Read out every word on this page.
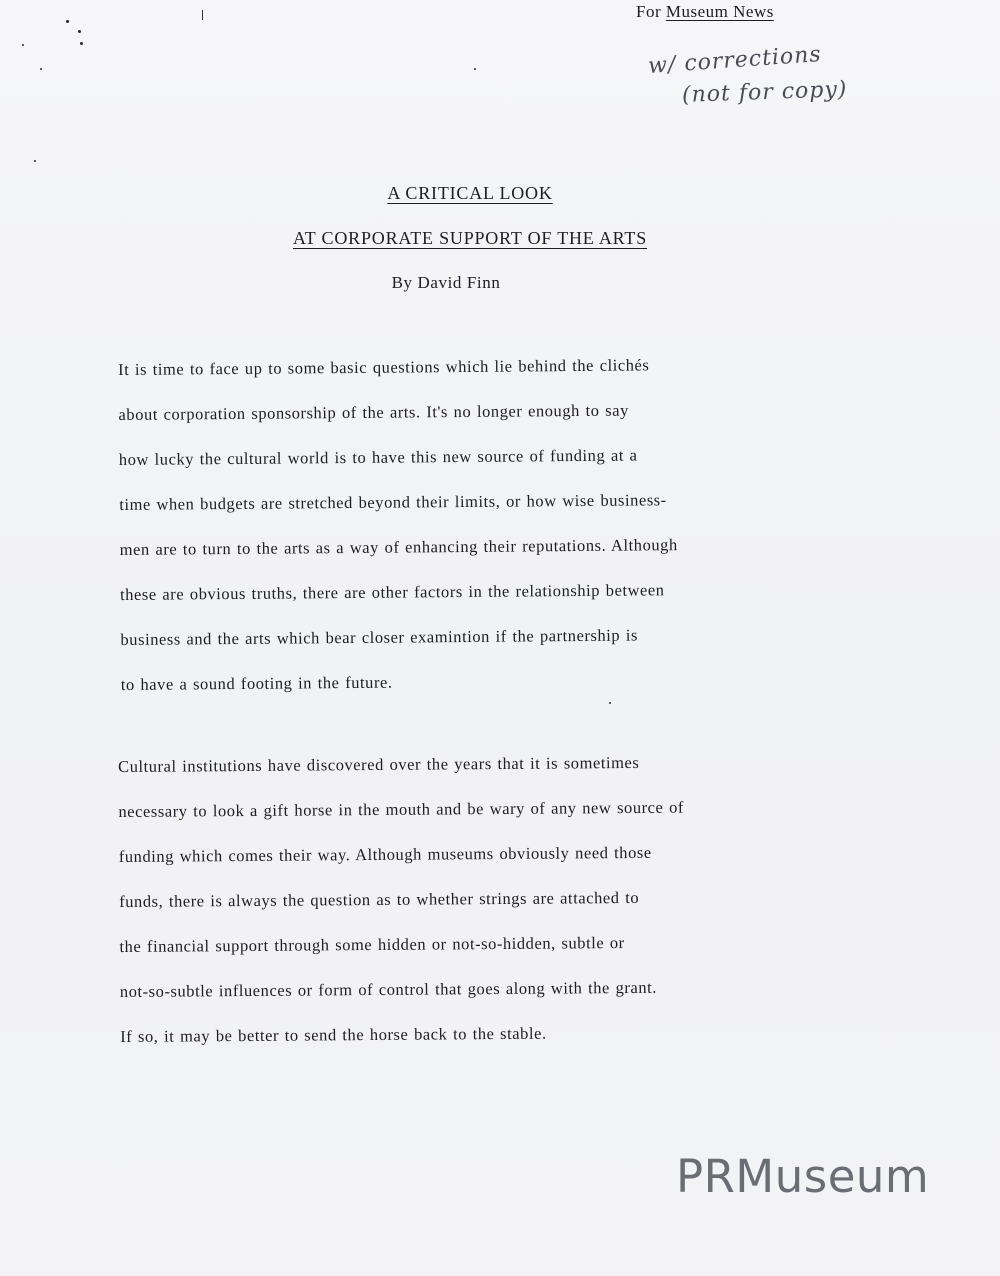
For Museum News
w/ corrections
(not for copy)
A CRITICAL LOOK
AT CORPORATE SUPPORT OF THE ARTS
By David Finn
It is time to face up to some basic questions which lie behind the clichés
about corporation sponsorship of the arts. It's no longer enough to say
how lucky the cultural world is to have this new source of funding at a
time when budgets are stretched beyond their limits, or how wise business-
men are to turn to the arts as a way of enhancing their reputations. Although
these are obvious truths, there are other factors in the relationship between
business and the arts which bear closer examintion if the partnership is
to have a sound footing in the future.
Cultural institutions have discovered over the years that it is sometimes
necessary to look a gift horse in the mouth and be wary of any new source of
funding which comes their way. Although museums obviously need those
funds, there is always the question as to whether strings are attached to
the financial support through some hidden or not-so-hidden, subtle or
not-so-subtle influences or form of control that goes along with the grant.
If so, it may be better to send the horse back to the stable.
PRMuseum
